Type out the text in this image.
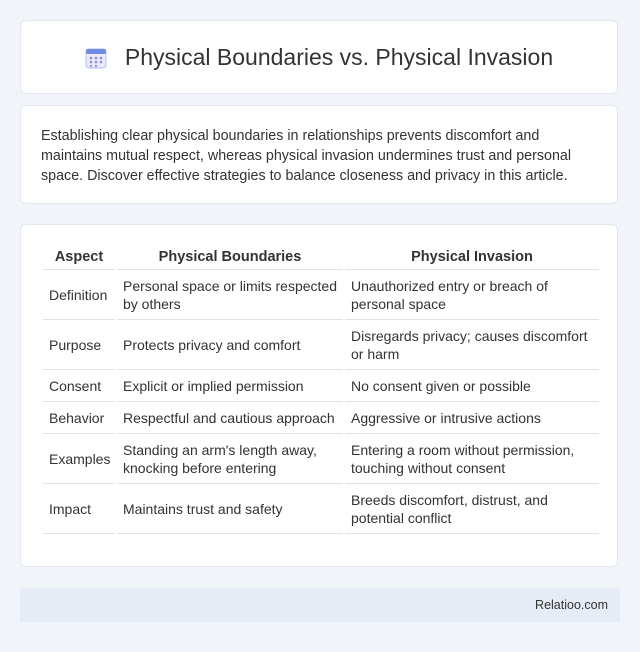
Physical Boundaries vs. Physical Invasion

Establishing clear physical boundaries in relationships prevents discomfort and maintains mutual respect, whereas physical invasion undermines trust and personal space. Discover effective strategies to balance closeness and privacy in this article.

Aspect	Physical Boundaries	Physical Invasion
Definition	Personal space or limits respected by others	Unauthorized entry or breach of personal space
Purpose	Protects privacy and comfort	Disregards privacy; causes discomfort or harm
Consent	Explicit or implied permission	No consent given or possible
Behavior	Respectful and cautious approach	Aggressive or intrusive actions
Examples	Standing an arm's length away, knocking before entering	Entering a room without permission, touching without consent
Impact	Maintains trust and safety	Breeds discomfort, distrust, and potential conflict
Relatioo.com
